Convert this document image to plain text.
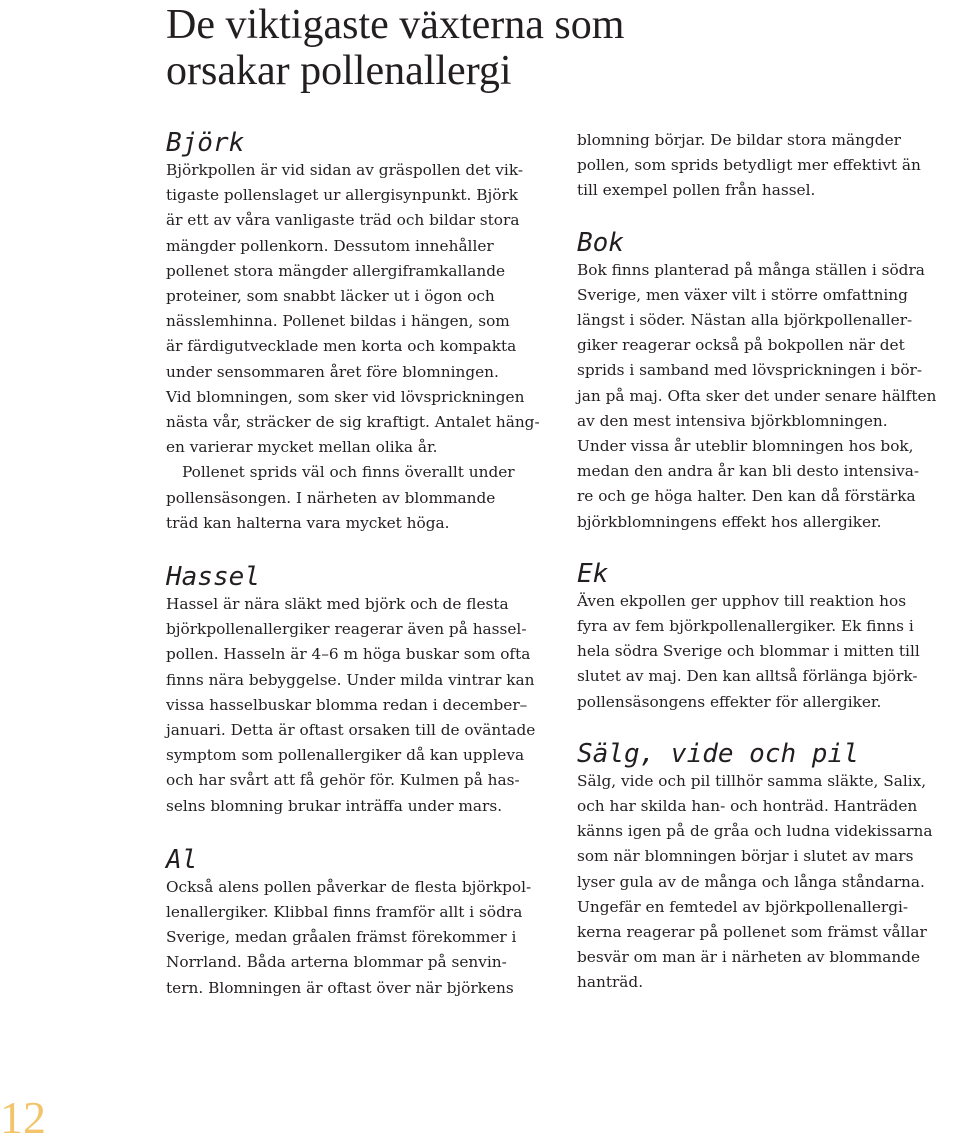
De viktigaste växterna som
orsakar pollenallergi
Björk

Björkpollen är vid sidan av gräspollen det vik-
tigaste pollenslaget ur allergisynpunkt. Björk
är ett av våra vanligaste träd och bildar stora
mängder pollenkorn. Dessutom innehåller
pollenet stora mängder allergiframkallande
proteiner, som snabbt läcker ut i ögon och
nässlemhinna. Pollenet bildas i hängen, som
är färdigutvecklade men korta och kompakta
under sensommaren året före blomningen.
Vid blomningen, som sker vid lövsprickningen
nästa vår, sträcker de sig kraftigt. Antalet häng-
en varierar mycket mellan olika år.

Pollenet sprids väl och finns överallt under
pollensäsongen. I närheten av blommande
träd kan halterna vara mycket höga.

Hassel

Hassel är nära släkt med björk och de flesta
björkpollenallergiker reagerar även på hassel-
pollen. Hasseln är 4–6 m höga buskar som ofta
finns nära bebyggelse. Under milda vintrar kan
vissa hasselbuskar blomma redan i december–
januari. Detta är oftast orsaken till de oväntade
symptom som pollenallergiker då kan uppleva
och har svårt att få gehör för. Kulmen på has-
selns blomning brukar inträffa under mars.

Al

Också alens pollen påverkar de flesta björkpol-
lenallergiker. Klibbal finns framför allt i södra
Sverige, medan gråalen främst förekommer i
Norrland. Båda arterna blommar på senvin-
tern. Blomningen är oftast över när björkens

blomning börjar. De bildar stora mängder
pollen, som sprids betydligt mer effektivt än
till exempel pollen från hassel.

Bok

Bok finns planterad på många ställen i södra
Sverige, men växer vilt i större omfattning
längst i söder. Nästan alla björkpollenaller-
giker reagerar också på bokpollen när det
sprids i samband med lövsprickningen i bör-
jan på maj. Ofta sker det under senare hälften
av den mest intensiva björkblomningen.
Under vissa år uteblir blomningen hos bok,
medan den andra år kan bli desto intensiva-
re och ge höga halter. Den kan då förstärka
björkblomningens effekt hos allergiker.

Ek

Även ekpollen ger upphov till reaktion hos
fyra av fem björkpollenallergiker. Ek finns i
hela södra Sverige och blommar i mitten till
slutet av maj. Den kan alltså förlänga björk-
pollensäsongens effekter för allergiker.

Sälg, vide och pil

Sälg, vide och pil tillhör samma släkte, Salix,
och har skilda han- och honträd. Hanträden
känns igen på de gråa och ludna videkissarna
som när blomningen börjar i slutet av mars
lyser gula av de många och långa ståndarna.
Ungefär en femtedel av björkpollenallergi-
kerna reagerar på pollenet som främst vållar
besvär om man är i närheten av blommande
hanträd.

12
